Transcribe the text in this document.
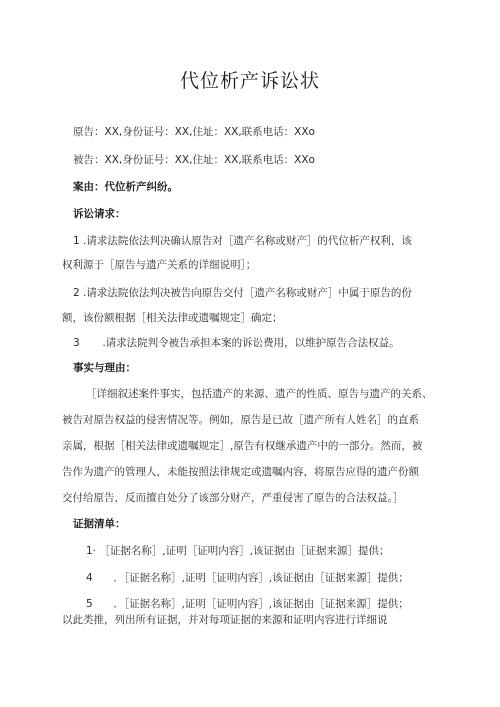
代位析产诉讼状
原告：XX,身份证号：XX,住址：XX,联系电话：XXo
被告：XX,身份证号：XX,住址：XX,联系电话：XXo
案由：代位析产纠纷。
诉讼请求：
1 .请求法院依法判决确认原告对［遗产名称或财产］的代位析产权利，该
权利源于［原告与遗产关系的详细说明］；
2 .请求法院依法判决被告向原告交付［遗产名称或财产］中属于原告的份
额，该份额根据［相关法律或遗嘱规定］确定；
3 .请求法院判令被告承担本案的诉讼费用，以维护原告合法权益。
事实与理由：
［详细叙述案件事实，包括遗产的来源、遗产的性质、原告与遗产的关系、
被告对原告权益的侵害情况等。例如，原告是已故［遗产所有人姓名］的直系
亲属，根据［相关法律或遗嘱规定］,原告有权继承遗产中的一部分。然而，被
告作为遗产的管理人，未能按照法律规定或遗嘱内容，将原告应得的遗产份额
交付给原告，反而擅自处分了该部分财产，严重侵害了原告的合法权益。］
证据清单：
1· ［证据名称］,证明［证明内容］,该证据由［证据来源］提供；
4 ．［证据名称］,证明［证明内容］,该证据由［证据来源］提供；
5 ．［证据名称］,证明［证明内容］,该证据由［证据来源］提供；
以此类推，列出所有证据，并对每项证据的来源和证明内容进行详细说
